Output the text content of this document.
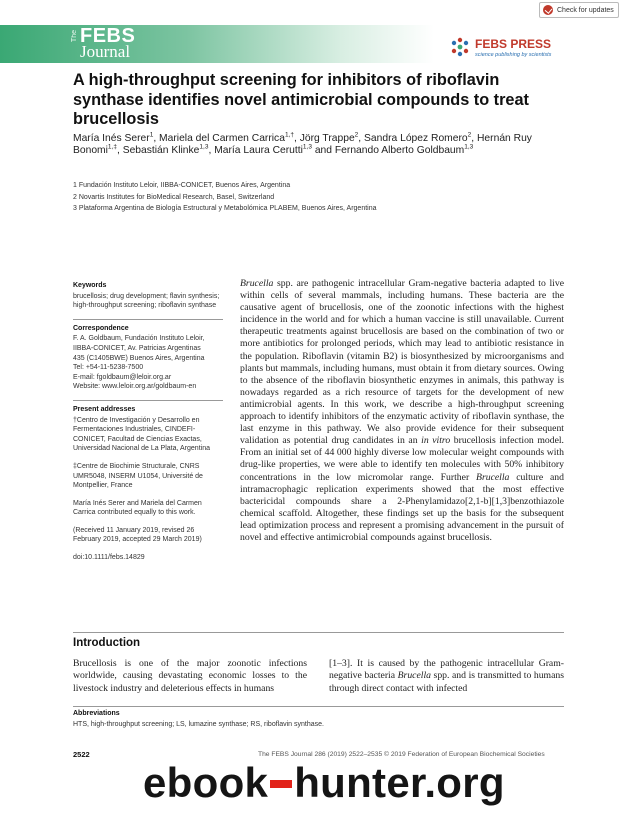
Check for updates
The FEBS
Journal	FEBS PRESS
science publishing by scientists
A high-throughput screening for inhibitors of riboflavin synthase identifies novel antimicrobial compounds to treat brucellosis
María Inés Serer$^1$, Mariela del Carmen Carrica$^{1,\dagger}$, Jörg Trappe$^2$, Sandra López Romero$^2$, Hernán Ruy Bonomi$^{1,\ddagger}$, Sebastián Klinke$^{1,3}$, María Laura Cerutti$^{1,3}$ and Fernando Alberto Goldbaum$^{1,3}$
1 Fundación Instituto Leloir, IIBBA-CONICET, Buenos Aires, Argentina
2 Novartis Institutes for BioMedical Research, Basel, Switzerland
3 Plataforma Argentina de Biología Estructural y Metabolómica PLABEM, Buenos Aires, Argentina
Keywords

brucellosis; drug development; flavin synthesis; high-throughput screening; riboflavin synthase

Correspondence

F. A. Goldbaum, Fundación Instituto Leloir,
IIBBA-CONICET, Av. Patricias Argentinas
435 (C1405BWE) Buenos Aires, Argentina
Tel: +54-11-5238-7500
E-mail: fgoldbaum@leloir.org.ar
Website: www.leloir.org.ar/goldbaum-en

Present addresses

†Centro de Investigación y Desarrollo en Fermentaciones Industriales, CINDEFI-CONICET, Facultad de Ciencias Exactas, Universidad Nacional de La Plata, Argentina

‡Centre de Biochimie Structurale, CNRS UMR5048, INSERM U1054, Université de Montpellier, France

María Inés Serer and Mariela del Carmen Carrica contributed equally to this work.

(Received 11 January 2019, revised 26 February 2019, accepted 29 March 2019)

doi:10.1111/febs.14829

Brucella spp. are pathogenic intracellular Gram-negative bacteria adapted to live within cells of several mammals, including humans. These bacteria are the causative agent of brucellosis, one of the zoonotic infections with the highest incidence in the world and for which a human vaccine is still unavailable. Current therapeutic treatments against brucellosis are based on the combination of two or more antibiotics for prolonged periods, which may lead to antibiotic resistance in the population. Riboflavin (vitamin B2) is biosynthesized by microorganisms and plants but mammals, including humans, must obtain it from dietary sources. Owing to the absence of the riboflavin biosynthetic enzymes in animals, this pathway is nowadays regarded as a rich resource of targets for the development of new antimicrobial agents. In this work, we describe a high-throughput screening approach to identify inhibitors of the enzymatic activity of riboflavin synthase, the last enzyme in this pathway. We also provide evidence for their subsequent validation as potential drug candidates in an in vitro brucellosis infection model. From an initial set of 44 000 highly diverse low molecular weight compounds with drug-like properties, we were able to identify ten molecules with 50% inhibitory concentrations in the low micromolar range. Further Brucella culture and intramacrophagic replication experiments showed that the most effective bactericidal compounds share a 2-Phenylamidazo[2,1-b][1,3]benzothiazole chemical scaffold. Altogether, these findings set up the basis for the subsequent lead optimization process and represent a promising advancement in the pursuit of novel and effective antimicrobial compounds against brucellosis.
Introduction
Brucellosis is one of the major zoonotic infections worldwide, causing devastating economic losses to the livestock industry and deleterious effects in humans
[1–3]. It is caused by the pathogenic intracellular Gram-negative bacteria Brucella spp. and is transmitted to humans through direct contact with infected
Abbreviations
HTS, high-throughput screening; LS, lumazine synthase; RS, riboflavin synthase.
2522	The FEBS Journal 286 (2019) 2522–2535 © 2019 Federation of European Biochemical Societies
ebook hunter.org
